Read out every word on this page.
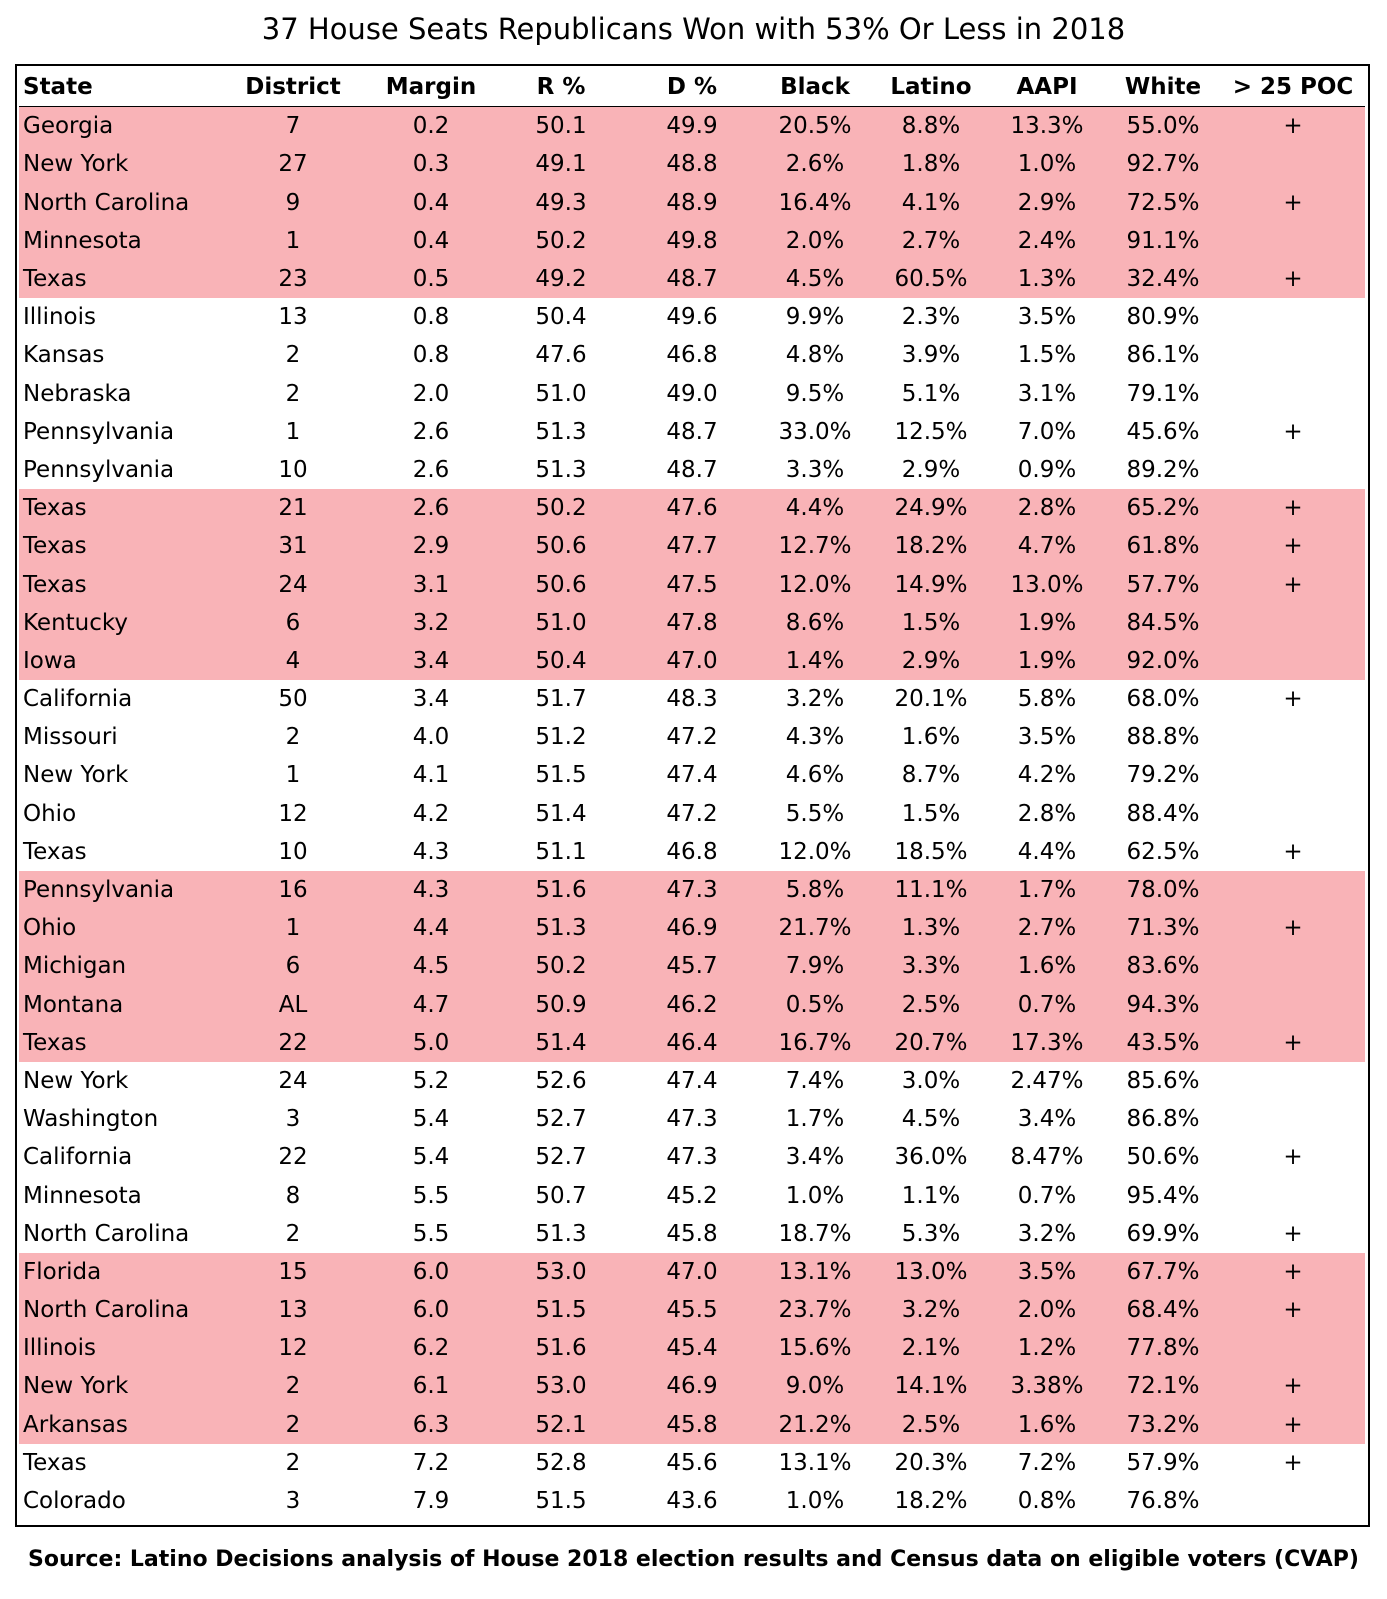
37 House Seats Republicans Won with 53% Or Less in 2018
State	District	Margin	R %	D %	Black	Latino	AAPI	White	> 25 POC
Georgia	7	0.2	50.1	49.9	20.5%	8.8%	13.3%	55.0%	+
New York	27	0.3	49.1	48.8	2.6%	1.8%	1.0%	92.7%	
North Carolina	9	0.4	49.3	48.9	16.4%	4.1%	2.9%	72.5%	+
Minnesota	1	0.4	50.2	49.8	2.0%	2.7%	2.4%	91.1%	
Texas	23	0.5	49.2	48.7	4.5%	60.5%	1.3%	32.4%	+
Illinois	13	0.8	50.4	49.6	9.9%	2.3%	3.5%	80.9%	
Kansas	2	0.8	47.6	46.8	4.8%	3.9%	1.5%	86.1%	
Nebraska	2	2.0	51.0	49.0	9.5%	5.1%	3.1%	79.1%	
Pennsylvania	1	2.6	51.3	48.7	33.0%	12.5%	7.0%	45.6%	+
Pennsylvania	10	2.6	51.3	48.7	3.3%	2.9%	0.9%	89.2%	
Texas	21	2.6	50.2	47.6	4.4%	24.9%	2.8%	65.2%	+
Texas	31	2.9	50.6	47.7	12.7%	18.2%	4.7%	61.8%	+
Texas	24	3.1	50.6	47.5	12.0%	14.9%	13.0%	57.7%	+
Kentucky	6	3.2	51.0	47.8	8.6%	1.5%	1.9%	84.5%	
Iowa	4	3.4	50.4	47.0	1.4%	2.9%	1.9%	92.0%	
California	50	3.4	51.7	48.3	3.2%	20.1%	5.8%	68.0%	+
Missouri	2	4.0	51.2	47.2	4.3%	1.6%	3.5%	88.8%	
New York	1	4.1	51.5	47.4	4.6%	8.7%	4.2%	79.2%	
Ohio	12	4.2	51.4	47.2	5.5%	1.5%	2.8%	88.4%	
Texas	10	4.3	51.1	46.8	12.0%	18.5%	4.4%	62.5%	+
Pennsylvania	16	4.3	51.6	47.3	5.8%	11.1%	1.7%	78.0%	
Ohio	1	4.4	51.3	46.9	21.7%	1.3%	2.7%	71.3%	+
Michigan	6	4.5	50.2	45.7	7.9%	3.3%	1.6%	83.6%	
Montana	AL	4.7	50.9	46.2	0.5%	2.5%	0.7%	94.3%	
Texas	22	5.0	51.4	46.4	16.7%	20.7%	17.3%	43.5%	+
New York	24	5.2	52.6	47.4	7.4%	3.0%	2.47%	85.6%	
Washington	3	5.4	52.7	47.3	1.7%	4.5%	3.4%	86.8%	
California	22	5.4	52.7	47.3	3.4%	36.0%	8.47%	50.6%	+
Minnesota	8	5.5	50.7	45.2	1.0%	1.1%	0.7%	95.4%	
North Carolina	2	5.5	51.3	45.8	18.7%	5.3%	3.2%	69.9%	+
Florida	15	6.0	53.0	47.0	13.1%	13.0%	3.5%	67.7%	+
North Carolina	13	6.0	51.5	45.5	23.7%	3.2%	2.0%	68.4%	+
Illinois	12	6.2	51.6	45.4	15.6%	2.1%	1.2%	77.8%	
New York	2	6.1	53.0	46.9	9.0%	14.1%	3.38%	72.1%	+
Arkansas	2	6.3	52.1	45.8	21.2%	2.5%	1.6%	73.2%	+
Texas	2	7.2	52.8	45.6	13.1%	20.3%	7.2%	57.9%	+
Colorado	3	7.9	51.5	43.6	1.0%	18.2%	0.8%	76.8%	
Source: Latino Decisions analysis of House 2018 election results and Census data on eligible voters (CVAP)
